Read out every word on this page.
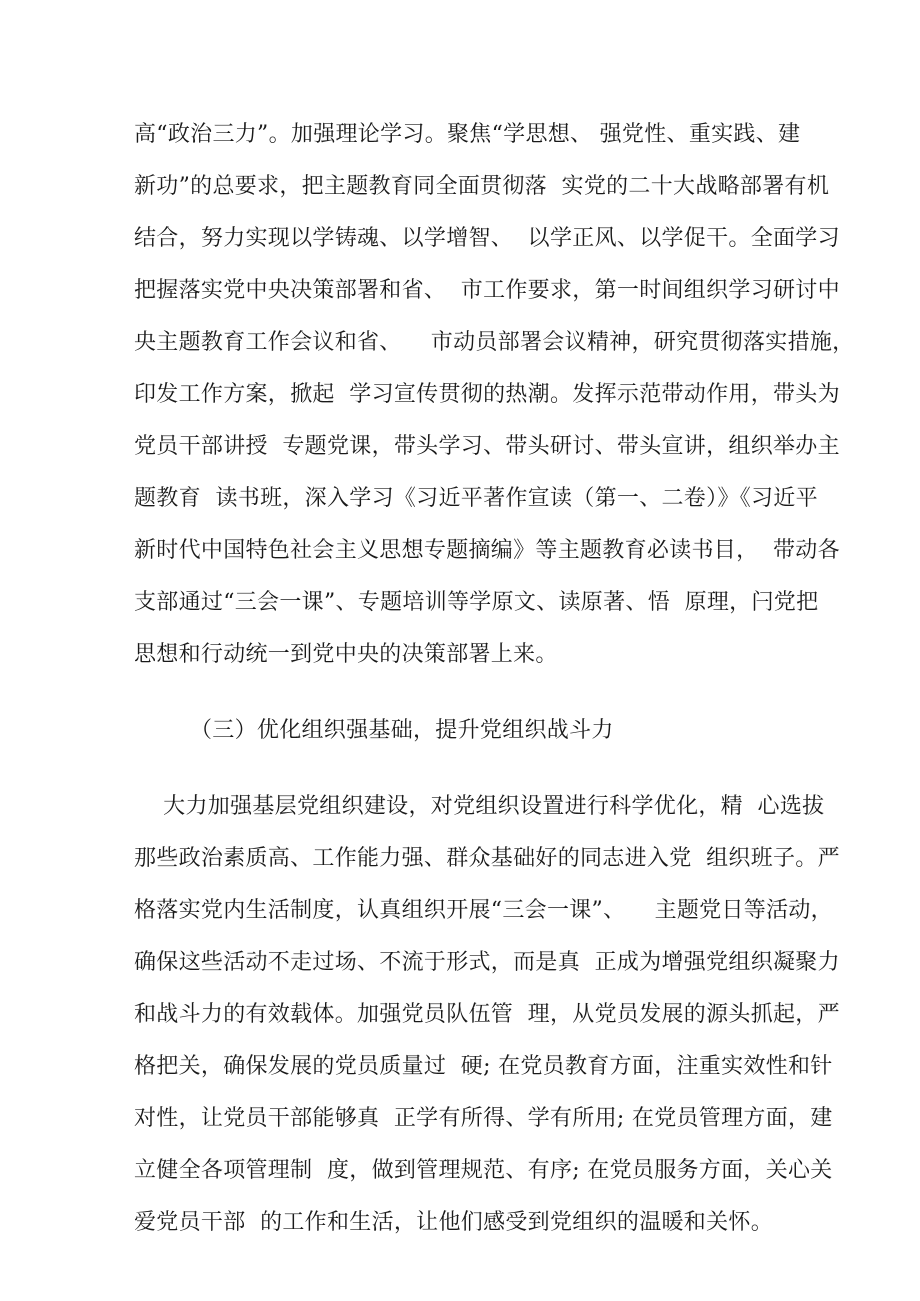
高“政治三力”。加强理论学习。聚焦“学思想、 强党性、重实践、建
新功”的总要求，把主题教育同全面贯彻落  实党的二十大战略部署有机
结合，努力实现以学铸魂、以学增智、  以学正风、以学促干。全面学习
把握落实党中央决策部署和省、  市工作要求，第一时间组织学习研讨中
央主题教育工作会议和省、    市动员部署会议精神，研究贯彻落实措施，
印发工作方案，掀起  学习宣传贯彻的热潮。发挥示范带动作用，带头为
党员干部讲授  专题党课，带头学习、带头研讨、带头宣讲，组织举办主
题教育  读书班，深入学习《习近平著作宣读（第一、二卷）》《习近平
新时代中国特色社会主义思想专题摘编》等主题教育必读书目，  带动各
支部通过“三会一课”、专题培训等学原文、读原著、悟  原理，闩党把
思想和行动统一到党中央的决策部署上来。
（三）优化组织强基础，提升党组织战斗力
大力加强基层党组织建设，对党组织设置进行科学优化，精  心选拔
那些政治素质高、工作能力强、群众基础好的同志进入党  组织班子。严
格落实党内生活制度，认真组织开展“三会一课”、    主题党日等活动，
确保这些活动不走过场、不流于形式，而是真  正成为增强党组织凝聚力
和战斗力的有效载体。加强党员队伍管  理，从党员发展的源头抓起，严
格把关，确保发展的党员质量过  硬; 在党员教育方面，注重实效性和针
对性，让党员干部能够真  正学有所得、学有所用; 在党员管理方面，建
立健全各项管理制  度，做到管理规范、有序; 在党员服务方面，关心关
爱党员干部  的工作和生活，让他们感受到党组织的温暖和关怀。
